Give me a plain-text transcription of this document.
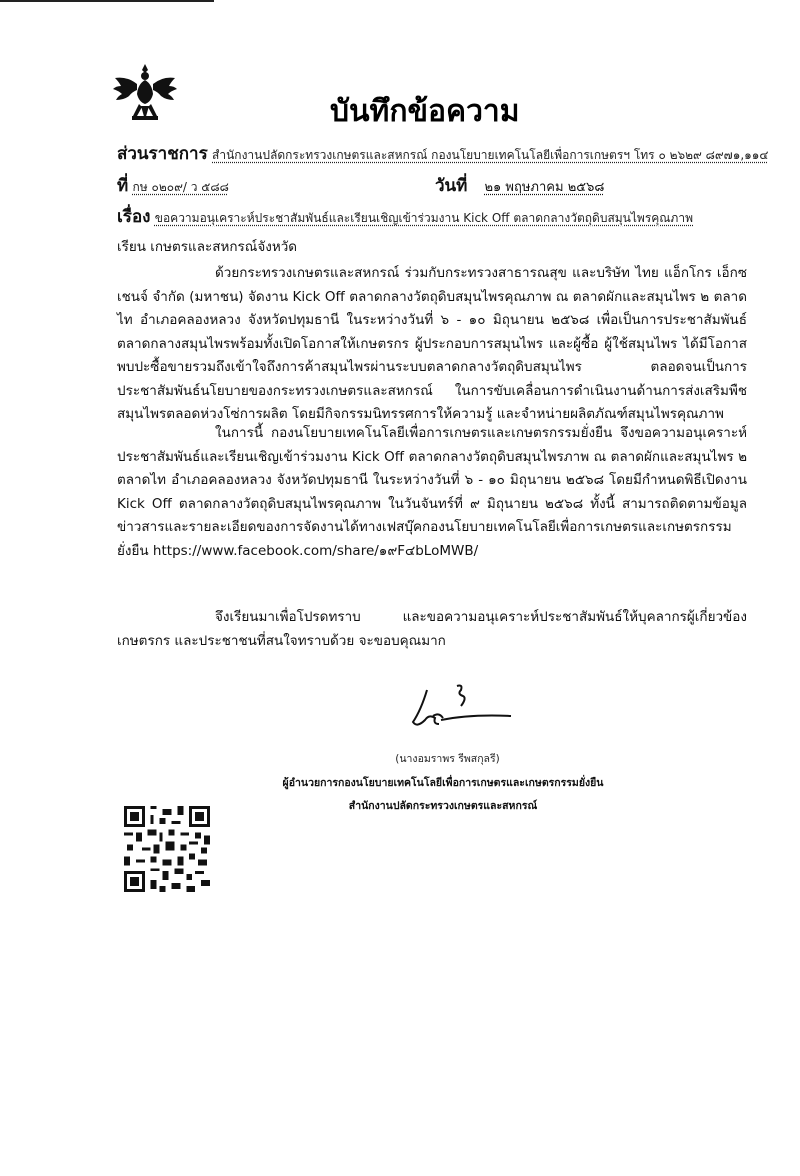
บันทึกข้อความ
ส่วนราชการ สำนักงานปลัดกระทรวงเกษตรและสหกรณ์ กองนโยบายเทคโนโลยีเพื่อการเกษตรฯ โทร ๐ ๒๖๒๙ ๘๙๗๑,๑๑๔
ที่ กษ ๐๒๐๙/ ว ๕๘๘	วันที่ ๒๑ พฤษภาคม ๒๕๖๘
เรื่อง ขอความอนุเคราะห์ประชาสัมพันธ์และเรียนเชิญเข้าร่วมงาน Kick Off ตลาดกลางวัตถุดิบสมุนไพรคุณภาพ
เรียน เกษตรและสหกรณ์จังหวัด

ด้วยกระทรวงเกษตรและสหกรณ์ ร่วมกับกระทรวงสาธารณสุข และบริษัท ไทย แอ็กโกร เอ็กซเชนจ์ จำกัด (มหาชน) จัดงาน Kick Off ตลาดกลางวัตถุดิบสมุนไพรคุณภาพ ณ ตลาดผักและสมุนไพร ๒ ตลาดไท อำเภอคลองหลวง จังหวัดปทุมธานี ในระหว่างวันที่ ๖ - ๑๐ มิถุนายน ๒๕๖๘ เพื่อเป็นการประชาสัมพันธ์ตลาดกลางสมุนไพรพร้อมทั้งเปิดโอกาสให้เกษตรกร ผู้ประกอบการสมุนไพร และผู้ซื้อ ผู้ใช้สมุนไพร ได้มีโอกาสพบปะซื้อขายรวมถึงเข้าใจถึงการค้าสมุนไพรผ่านระบบตลาดกลางวัตถุดิบสมุนไพร ตลอดจนเป็นการประชาสัมพันธ์นโยบายของกระทรวงเกษตรและสหกรณ์ ในการขับเคลื่อนการดำเนินงานด้านการส่งเสริมพืชสมุนไพรตลอดห่วงโซ่การผลิต โดยมีกิจกรรมนิทรรศการให้ความรู้ และจำหน่ายผลิตภัณฑ์สมุนไพรคุณภาพ

ในการนี้ กองนโยบายเทคโนโลยีเพื่อการเกษตรและเกษตรกรรมยั่งยืน จึงขอความอนุเคราะห์ประชาสัมพันธ์และเรียนเชิญเข้าร่วมงาน Kick Off ตลาดกลางวัตถุดิบสมุนไพรภาพ ณ ตลาดผักและสมุนไพร ๒ ตลาดไท อำเภอคลองหลวง จังหวัดปทุมธานี ในระหว่างวันที่ ๖ - ๑๐ มิถุนายน ๒๕๖๘ โดยมีกำหนดพิธีเปิดงาน Kick Off ตลาดกลางวัตถุดิบสมุนไพรคุณภาพ ในวันจันทร์ที่ ๙ มิถุนายน ๒๕๖๘ ทั้งนี้ สามารถติดตามข้อมูลข่าวสารและรายละเอียดของการจัดงานได้ทางเฟสบุ๊คกองนโยบายเทคโนโลยีเพื่อการเกษตรและเกษตรกรรมยั่งยืน https://www.facebook.com/share/๑๙F๔bLoMWB/

จึงเรียนมาเพื่อโปรดทราบ และขอความอนุเคราะห์ประชาสัมพันธ์ให้บุคลากรผู้เกี่ยวข้อง เกษตรกร และประชาชนที่สนใจทราบด้วย จะขอบคุณมาก

(นางอมราพร รีพสกุลรี)
ผู้อำนวยการกองนโยบายเทคโนโลยีเพื่อการเกษตรและเกษตรกรรมยั่งยืน
สำนักงานปลัดกระทรวงเกษตรและสหกรณ์
